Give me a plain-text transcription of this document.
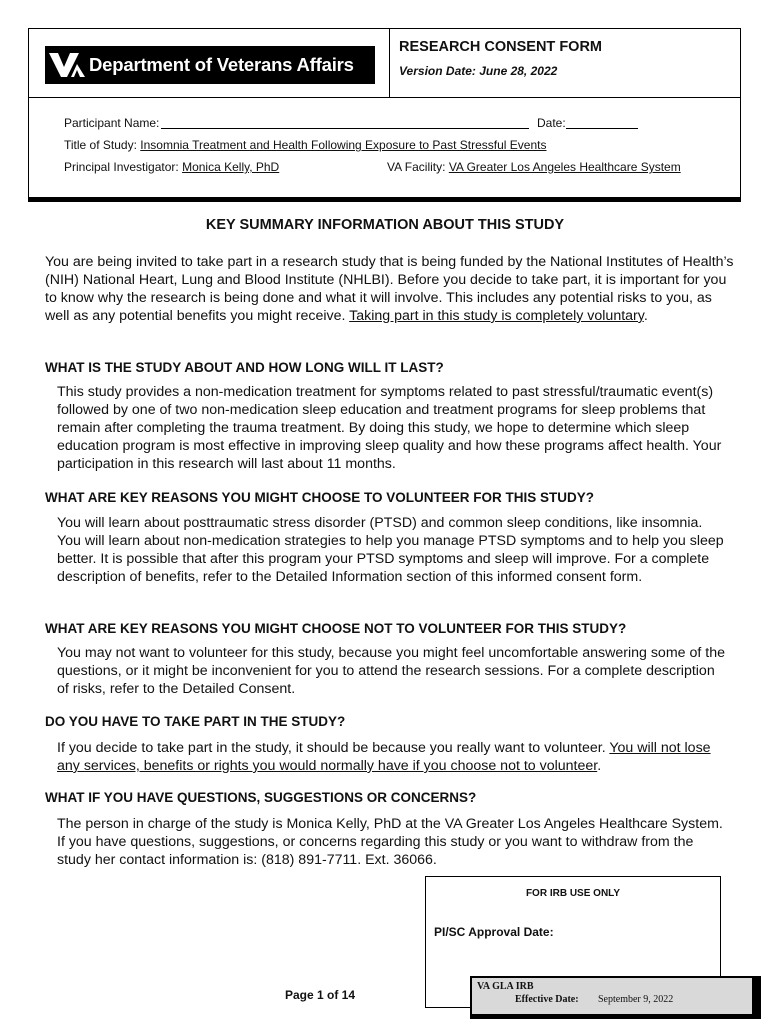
Department of Veterans Affairs
RESEARCH CONSENT FORM
Version Date: June 28, 2022
Participant Name:	Date:
Title of Study: Insomnia Treatment and Health Following Exposure to Past Stressful Events
Principal Investigator: Monica Kelly, PhD	VA Facility: VA Greater Los Angeles Healthcare System
KEY SUMMARY INFORMATION ABOUT THIS STUDY
You are being invited to take part in a research study that is being funded by the National Institutes of Health’s (NIH) National Heart, Lung and Blood Institute (NHLBI). Before you decide to take part, it is important for you to know why the research is being done and what it will involve. This includes any potential risks to you, as well as any potential benefits you might receive. Taking part in this study is completely voluntary.
WHAT IS THE STUDY ABOUT AND HOW LONG WILL IT LAST?
This study provides a non-medication treatment for symptoms related to past stressful/traumatic event(s) followed by one of two non-medication sleep education and treatment programs for sleep problems that remain after completing the trauma treatment. By doing this study, we hope to determine which sleep education program is most effective in improving sleep quality and how these programs affect health. Your participation in this research will last about 11 months.
WHAT ARE KEY REASONS YOU MIGHT CHOOSE TO VOLUNTEER FOR THIS STUDY?
You will learn about posttraumatic stress disorder (PTSD) and common sleep conditions, like insomnia. You will learn about non-medication strategies to help you manage PTSD symptoms and to help you sleep better. It is possible that after this program your PTSD symptoms and sleep will improve. For a complete description of benefits, refer to the Detailed Information section of this informed consent form.
WHAT ARE KEY REASONS YOU MIGHT CHOOSE NOT TO VOLUNTEER FOR THIS STUDY?
You may not want to volunteer for this study, because you might feel uncomfortable answering some of the questions, or it might be inconvenient for you to attend the research sessions. For a complete description of risks, refer to the Detailed Consent.
DO YOU HAVE TO TAKE PART IN THE STUDY?
If you decide to take part in the study, it should be because you really want to volunteer. You will not lose any services, benefits or rights you would normally have if you choose not to volunteer.
WHAT IF YOU HAVE QUESTIONS, SUGGESTIONS OR CONCERNS?
The person in charge of the study is Monica Kelly, PhD at the VA Greater Los Angeles Healthcare System. If you have questions, suggestions, or concerns regarding this study or you want to withdraw from the study her contact information is: (818) 891-7711. Ext. 36066.
FOR IRB USE ONLY
PI/SC Approval Date:
Page 1 of 14
VA GLA IRB
Effective Date: September 9, 2022
